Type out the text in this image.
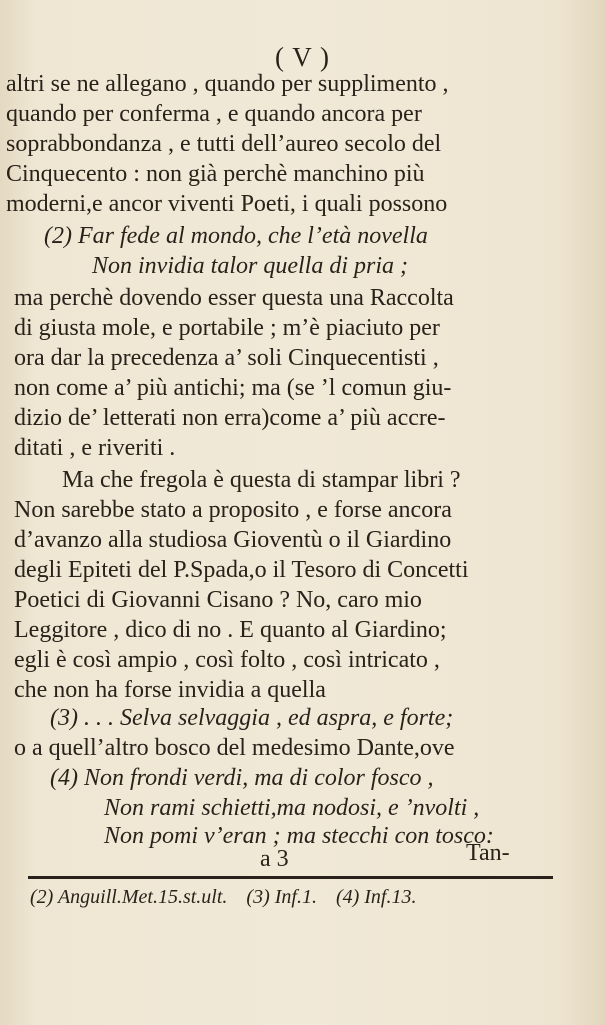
( V )
altri se ne allegano , quando per supplimento ,
quando per conferma , e quando ancora per
soprabbondanza , e tutti dell’aureo secolo del
Cinquecento : non già perchè manchino più
moderni,e ancor viventi Poeti, i quali possono
(2) Far fede al mondo, che l’età novella
Non invidia talor quella di pria ;
ma perchè dovendo esser questa una Raccolta
di giusta mole, e portabile ; m’è piaciuto per
ora dar la precedenza a’ soli Cinquecentisti ,
non come a’ più antichi; ma (se ’l comun giu-
dizio de’ letterati non erra)come a’ più accre-
ditati , e riveriti .
Ma che fregola è questa di stampar libri ?
Non sarebbe stato a proposito , e forse ancora
d’avanzo alla studiosa Gioventù o il Giardino
degli Epiteti del P.Spada,o il Tesoro di Concetti
Poetici di Giovanni Cisano ? No, caro mio
Leggitore , dico di no . E quanto al Giardino;
egli è così ampio , così folto , così intricato ,
che non ha forse invidia a quella
(3) . . . Selva selvaggia , ed aspra, e forte;
o a quell’altro bosco del medesimo Dante,ove
(4) Non frondi verdi, ma di color fosco ,
Non rami schietti,ma nodosi, e ’nvolti ,
Non pomi v’eran ; ma stecchi con tosco:
a 3	Tan-
(2) Anguill.Met.15.st.ult. (3) Inf.1. (4) Inf.13.
